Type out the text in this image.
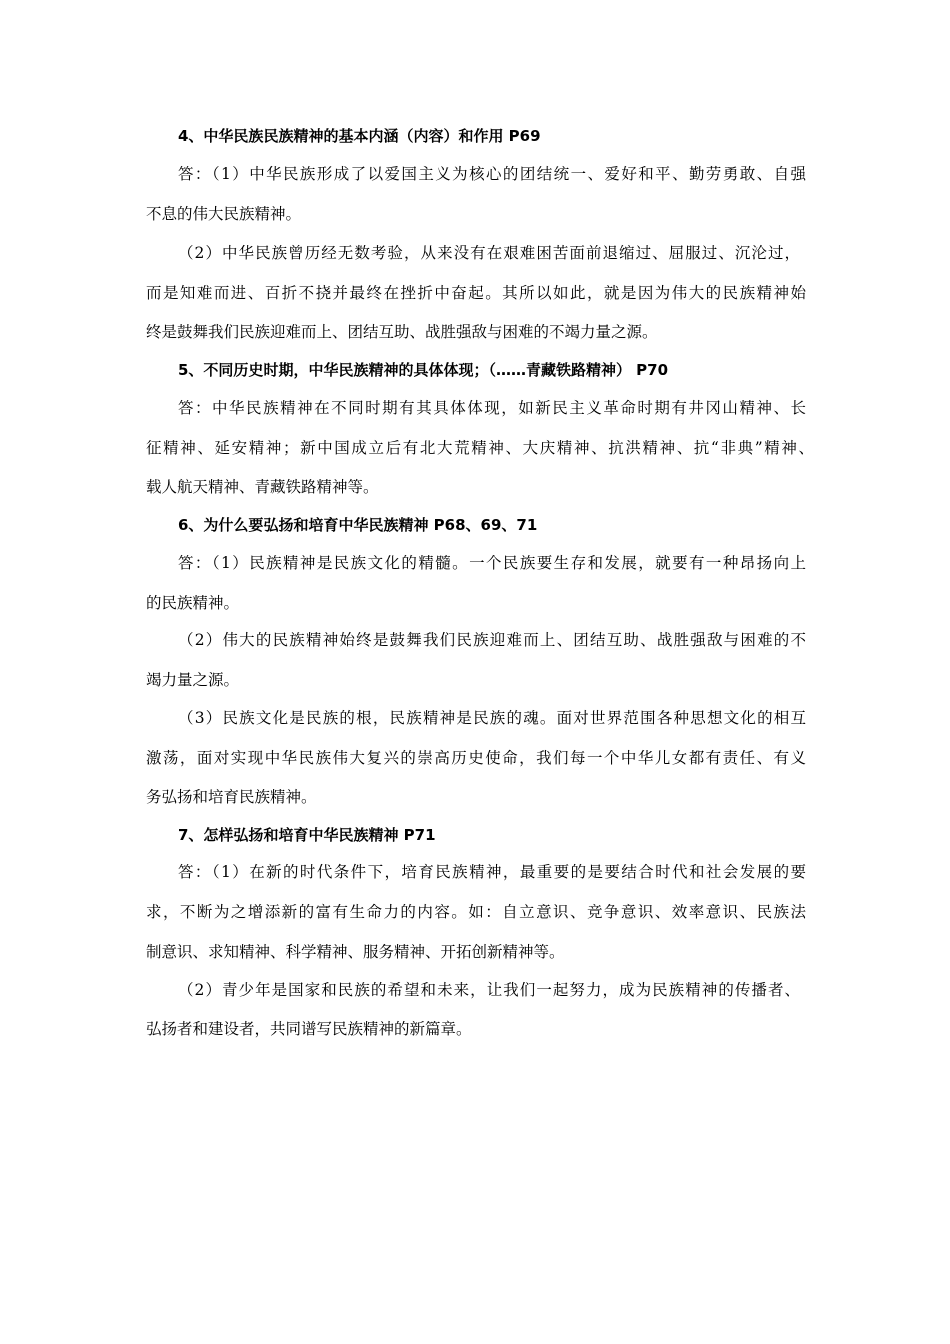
4、中华民族民族精神的基本内涵（内容）和作用 P69
答：（1）中华民族形成了以爱国主义为核心的团结统一、爱好和平、勤劳勇敢、自强
不息的伟大民族精神。
（2）中华民族曾历经无数考验，从来没有在艰难困苦面前退缩过、屈服过、沉沦过，
而是知难而进、百折不挠并最终在挫折中奋起。其所以如此，就是因为伟大的民族精神始
终是鼓舞我们民族迎难而上、团结互助、战胜强敌与困难的不竭力量之源。
5、不同历史时期，中华民族精神的具体体现；（……青藏铁路精神） P70
答：中华民族精神在不同时期有其具体体现，如新民主义革命时期有井冈山精神、长
征精神、延安精神；新中国成立后有北大荒精神、大庆精神、抗洪精神、抗“非典”精神、
载人航天精神、青藏铁路精神等。
6、为什么要弘扬和培育中华民族精神 P68、69、71
答：（1）民族精神是民族文化的精髓。一个民族要生存和发展，就要有一种昂扬向上
的民族精神。
（2）伟大的民族精神始终是鼓舞我们民族迎难而上、团结互助、战胜强敌与困难的不
竭力量之源。
（3）民族文化是民族的根，民族精神是民族的魂。面对世界范围各种思想文化的相互
激荡，面对实现中华民族伟大复兴的崇高历史使命，我们每一个中华儿女都有责任、有义
务弘扬和培育民族精神。
7、怎样弘扬和培育中华民族精神 P71
答：（1）在新的时代条件下，培育民族精神，最重要的是要结合时代和社会发展的要
求，不断为之增添新的富有生命力的内容。如：自立意识、竞争意识、效率意识、民族法
制意识、求知精神、科学精神、服务精神、开拓创新精神等。
（2）青少年是国家和民族的希望和未来，让我们一起努力，成为民族精神的传播者、
弘扬者和建设者，共同谱写民族精神的新篇章。
